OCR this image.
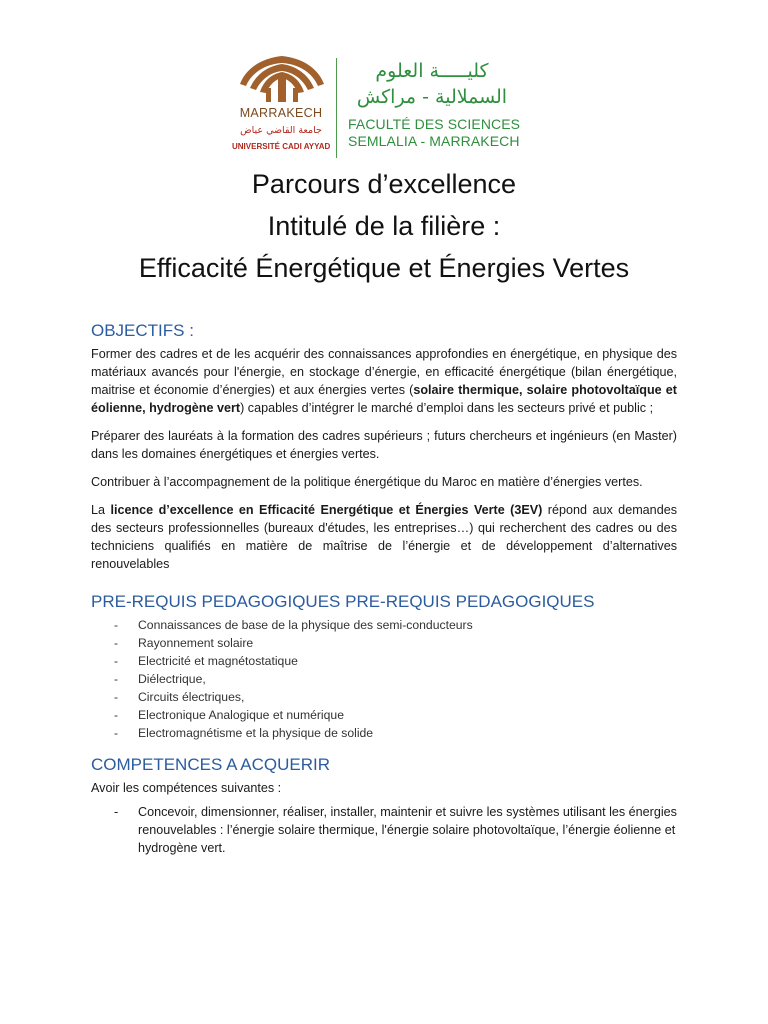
MARRAKECH
جامعة القاضي عياض
UNIVERSITÉ CADI AYYAD
كليـــــة العلوم
السملالية - مراكش
FACULTÉ DES SCIENCES
SEMLALIA - MARRAKECH
Parcours d’excellence
Intitulé de la filière :
Efficacité Énergétique et Énergies Vertes
OBJECTIFS :

Former des cadres et de les acquérir des connaissances approfondies en énergétique, en physique des matériaux avancés pour l'énergie, en stockage d’énergie, en efficacité énergétique (bilan énergétique, maitrise et économie d’énergies) et aux énergies vertes (solaire thermique, solaire photovoltaïque et éolienne, hydrogène vert) capables d’intégrer le marché d’emploi dans les secteurs privé et public ;

Préparer des lauréats à la formation des cadres supérieurs ; futurs chercheurs et ingénieurs (en Master) dans les domaines énergétiques et énergies vertes.

Contribuer à l’accompagnement de la politique énergétique du Maroc en matière d’énergies vertes.

La licence d’excellence en Efficacité Energétique et Énergies Verte (3EV) répond aux demandes des secteurs professionnelles (bureaux d'études, les entreprises…) qui recherchent des cadres ou des techniciens qualifiés en matière de maîtrise de l’énergie et de développement d’alternatives renouvelables

PRE-REQUIS PEDAGOGIQUES PRE-REQUIS PEDAGOGIQUES
- Connaissances de base de la physique des semi-conducteurs
- Rayonnement solaire
- Electricité et magnétostatique
- Diélectrique,
- Circuits électriques,
- Electronique Analogique et numérique
- Electromagnétisme et la physique de solide
COMPETENCES A ACQUERIR

Avoir les compétences suivantes :

- Concevoir, dimensionner, réaliser, installer, maintenir et suivre les systèmes utilisant les énergies renouvelables : l’énergie solaire thermique, l'énergie solaire photovoltaïque, l’énergie éolienne et hydrogène vert.
